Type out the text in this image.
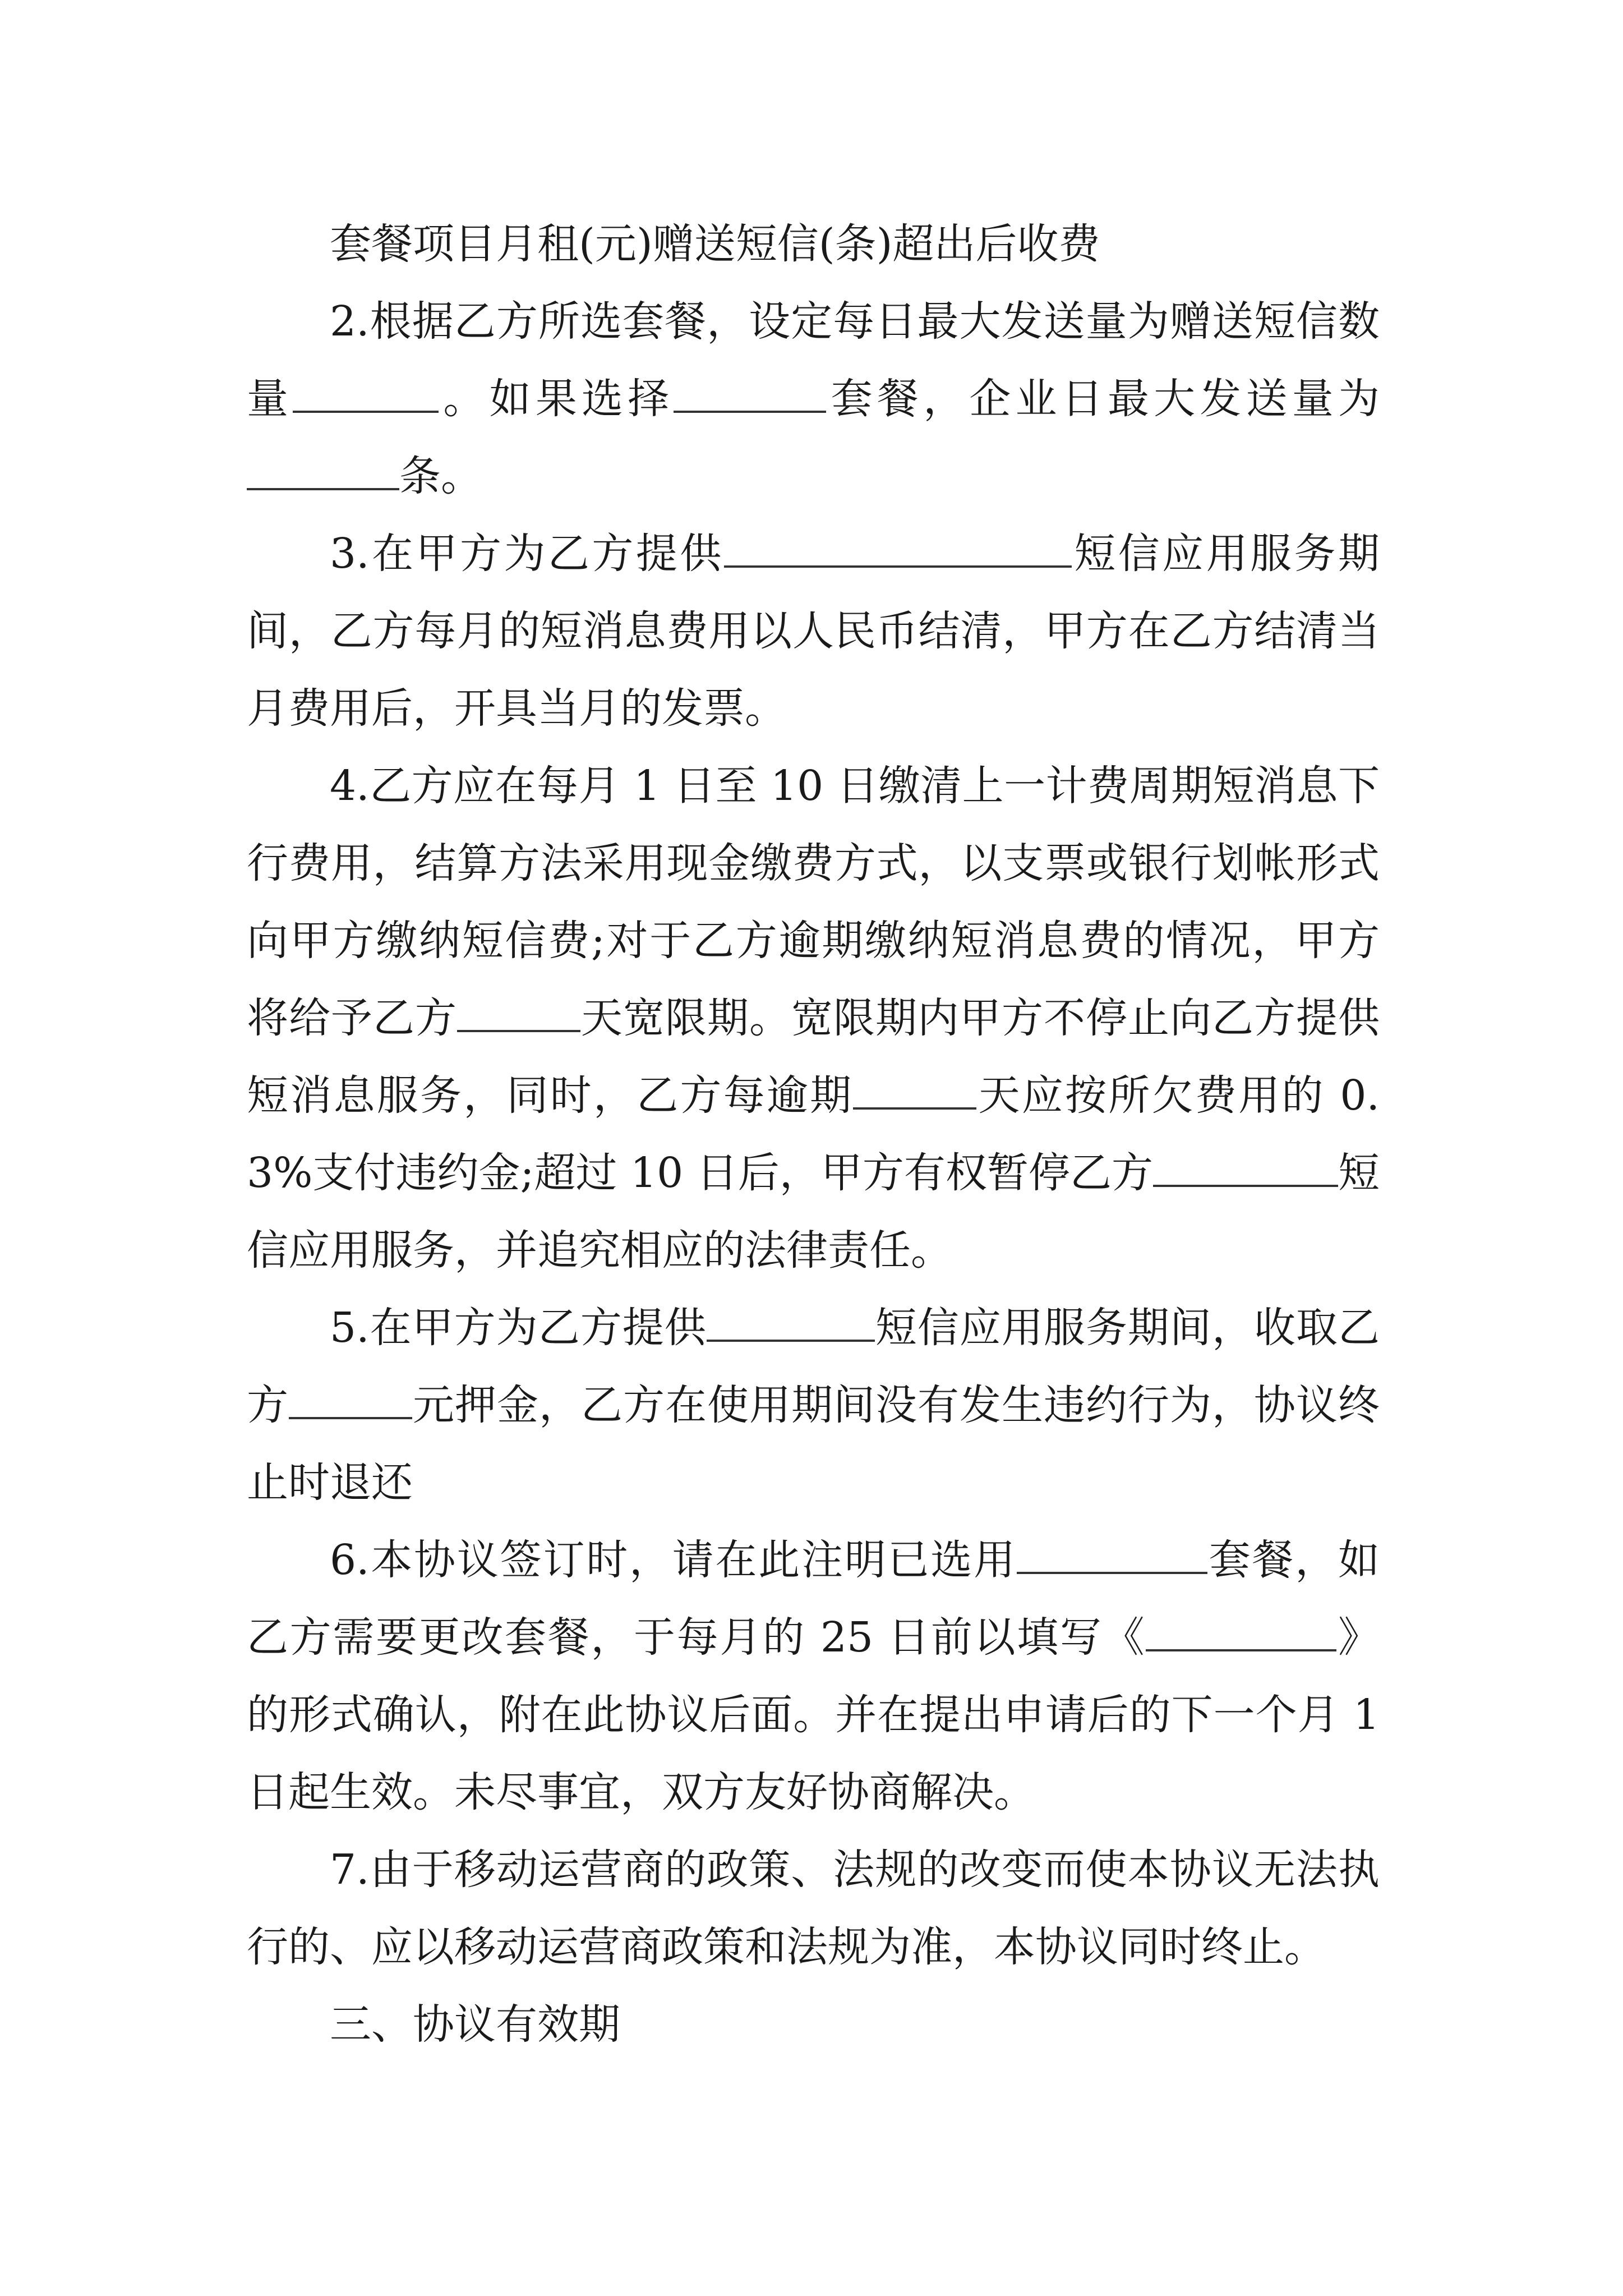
套餐项目月租(元)赠送短信(条)超出后收费

2.根据乙方所选套餐，设定每日最大发送量为赠送短信数量	。如果选择	套餐，企业日最大发送量为条。

3.在甲方为乙方提供	短信应用服务期间，乙方每月的短消息费用以人民币结清，甲方在乙方结清当月费用后，开具当月的发票。

4.乙方应在每月 1 日至 10 日缴清上一计费周期短消息下行费用，结算方法采用现金缴费方式，以支票或银行划帐形式向甲方缴纳短信费;对于乙方逾期缴纳短消息费的情况，甲方将给予乙方	天宽限期。宽限期内甲方不停止向乙方提供短消息服务，同时，乙方每逾期	天应按所欠费用的 0.3%支付违约金;超过 10 日后，甲方有权暂停乙方	短信应用服务，并追究相应的法律责任。

5.在甲方为乙方提供	短信应用服务期间，收取乙方	元押金，乙方在使用期间没有发生违约行为，协议终止时退还

6.本协议签订时，请在此注明已选用	套餐，如乙方需要更改套餐，于每月的 25 日前以填写《	》的形式确认，附在此协议后面。并在提出申请后的下一个月 1 日起生效。未尽事宜，双方友好协商解决。

7.由于移动运营商的政策、法规的改变而使本协议无法执行的、应以移动运营商政策和法规为准，本协议同时终止。

三、协议有效期
